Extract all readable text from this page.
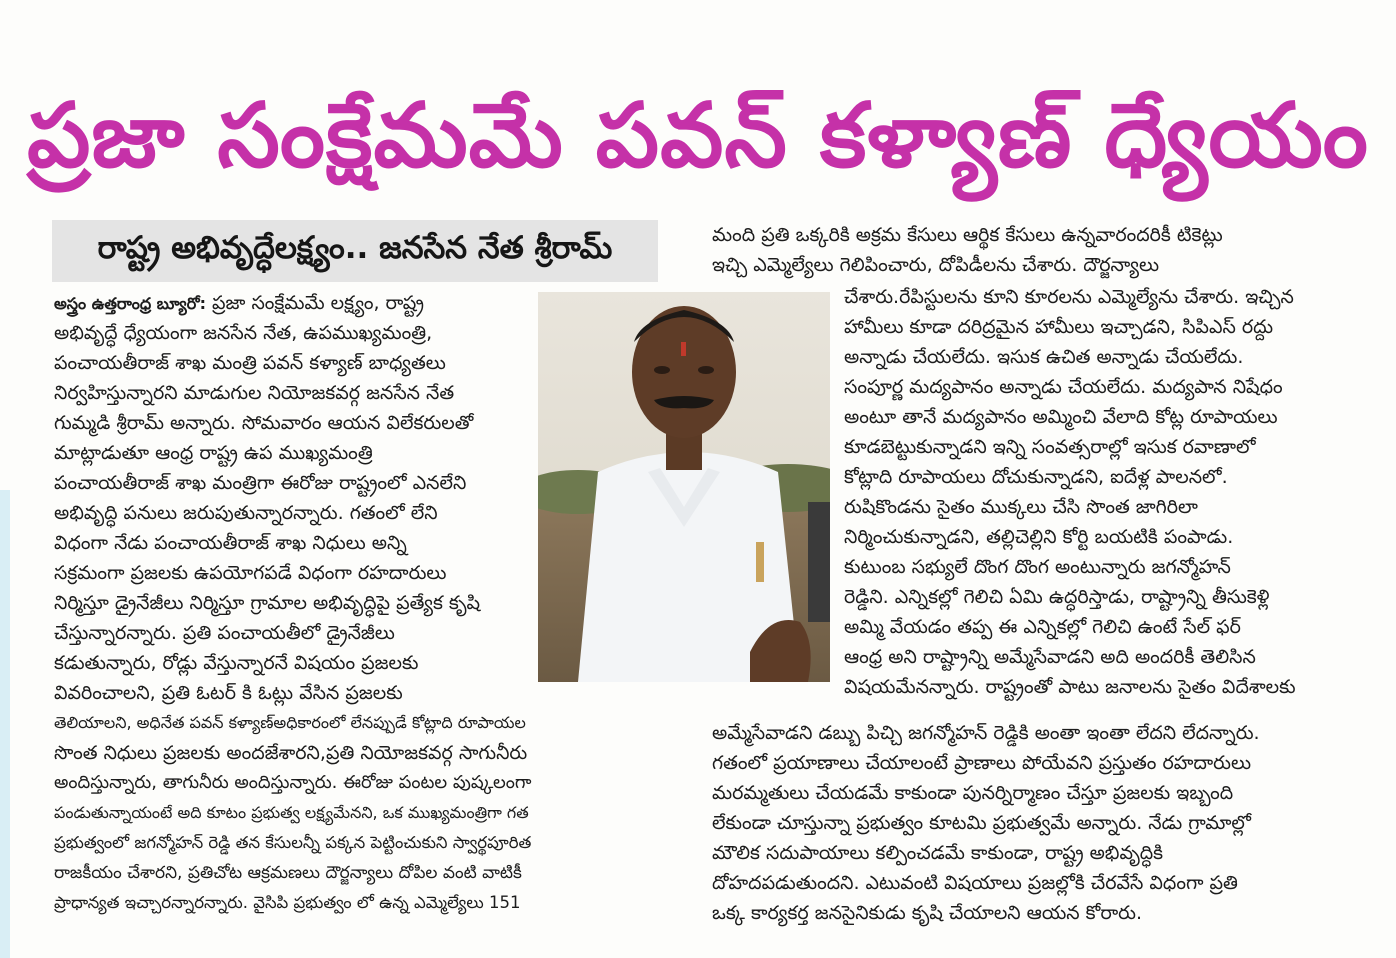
ప్రజా సంక్షేమమే పవన్ కళ్యాణ్ ధ్యేయం
రాష్ట్ర అభివృద్ధేలక్ష్యం.. జనసేన నేత శ్రీరామ్
అస్త్రం ఉత్తరాంధ్ర బ్యూరో: ప్రజా సంక్షేమమే లక్ష్యం, రాష్ట్ర
అభివృద్ధే ధ్యేయంగా జనసేన నేత, ఉపముఖ్యమంత్రి,
పంచాయతీరాజ్ శాఖ మంత్రి పవన్ కళ్యాణ్ బాధ్యతలు
నిర్వహిస్తున్నారని మాడుగుల నియోజకవర్గ జనసేన నేత
గుమ్మడి శ్రీరామ్ అన్నారు. సోమవారం ఆయన విలేకరులతో
మాట్లాడుతూ ఆంధ్ర రాష్ట్ర ఉప ముఖ్యమంత్రి
పంచాయతీరాజ్ శాఖ మంత్రిగా ఈరోజు రాష్ట్రంలో ఎనలేని
అభివృద్ధి పనులు జరుపుతున్నారన్నారు. గతంలో లేని
విధంగా నేడు పంచాయతీరాజ్ శాఖ నిధులు అన్ని
సక్రమంగా ప్రజలకు ఉపయోగపడే విధంగా రహదారులు
నిర్మిస్తూ డ్రైనేజీలు నిర్మిస్తూ గ్రామాల అభివృద్ధిపై ప్రత్యేక కృషి
చేస్తున్నారన్నారు. ప్రతి పంచాయతీలో డ్రైనేజీలు
కడుతున్నారు, రోడ్లు వేస్తున్నారనే విషయం ప్రజలకు
వివరించాలని, ప్రతి ఓటర్ కి ఓట్లు వేసిన ప్రజలకు
తెలియాలని, అధినేత పవన్ కళ్యాణ్అధికారంలో లేనప్పుడే కోట్లాది రూపాయల
సొంత నిధులు ప్రజలకు అందజేశారని,ప్రతి నియోజకవర్గ సాగునీరు
అందిస్తున్నారు, తాగునీరు అందిస్తున్నారు. ఈరోజు పంటల పుష్కలంగా
పండుతున్నాయంటే అది కూటం ప్రభుత్వ లక్ష్యమేనని, ఒక ముఖ్యమంత్రిగా గత
ప్రభుత్వంలో జగన్మోహన్ రెడ్డి తన కేసులన్నీ పక్కన పెట్టించుకుని స్వార్థపూరిత
రాజకీయం చేశారని, ప్రతిచోట ఆక్రమణలు దౌర్జన్యాలు దోపిల వంటి వాటికీ
ప్రాధాన్యత ఇచ్చారన్నారన్నారు. వైసిపి ప్రభుత్వం లో ఉన్న ఎమ్మెల్యేలు 151
మంది ప్రతి ఒక్కరికి అక్రమ కేసులు ఆర్థిక కేసులు ఉన్నవారందరికీ టికెట్లు
ఇచ్చి ఎమ్మెల్యేలు గెలిపించారు, దోపిడీలను చేశారు. దౌర్జన్యాలు
చేశారు.రేపిస్టులను కూని కూరలను ఎమ్మెల్యేను చేశారు. ఇచ్చిన
హామీలు కూడా దరిద్రమైన హామీలు ఇచ్చాడని, సిపిఎస్ రద్దు
అన్నాడు చేయలేదు. ఇసుక ఉచిత అన్నాడు చేయలేదు.
సంపూర్ణ మద్యపానం అన్నాడు చేయలేదు. మద్యపాన నిషేధం
అంటూ తానే మద్యపానం అమ్మించి వేలాది కోట్ల రూపాయలు
కూడబెట్టుకున్నాడని ఇన్ని సంవత్సరాల్లో ఇసుక రవాణాలో
కోట్లాది రూపాయలు దోచుకున్నాడని, ఐదేళ్ల పాలనలో.
రుషికొండను సైతం ముక్కలు చేసి సొంత జాగిరిలా
నిర్మించుకున్నాడని, తల్లిచెల్లిని కోర్టి బయటికి పంపాడు.
కుటుంబ సభ్యులే దొంగ దొంగ అంటున్నారు జగన్మోహన్
రెడ్డిని. ఎన్నికల్లో గెలిచి ఏమి ఉద్ధరిస్తాడు, రాష్ట్రాన్ని తీసుకెళ్లి
అమ్మి వేయడం తప్ప ఈ ఎన్నికల్లో గెలిచి ఉంటే సేల్ ఫర్
ఆంధ్ర అని రాష్ట్రాన్ని అమ్మేసేవాడని అది అందరికీ తెలిసిన
విషయమేనన్నారు. రాష్ట్రంతో పాటు జనాలను సైతం విదేశాలకు
అమ్మేసేవాడని డబ్బు పిచ్చి జగన్మోహన్ రెడ్డికి అంతా ఇంతా లేదని లేదన్నారు.
గతంలో ప్రయాణాలు చేయాలంటే ప్రాణాలు పోయేవని ప్రస్తుతం రహదారులు
మరమ్మతులు చేయడమే కాకుండా పునర్నిర్మాణం చేస్తూ ప్రజలకు ఇబ్బంది
లేకుండా చూస్తున్నా ప్రభుత్వం కూటమి ప్రభుత్వమే అన్నారు. నేడు గ్రామాల్లో
మౌలిక సదుపాయాలు కల్పించడమే కాకుండా, రాష్ట్ర అభివృద్ధికి
దోహదపడుతుందని. ఎటువంటి విషయాలు ప్రజల్లోకి చేరవేసే విధంగా ప్రతి
ఒక్క కార్యకర్త జనసైనికుడు కృషి చేయాలని ఆయన కోరారు.
